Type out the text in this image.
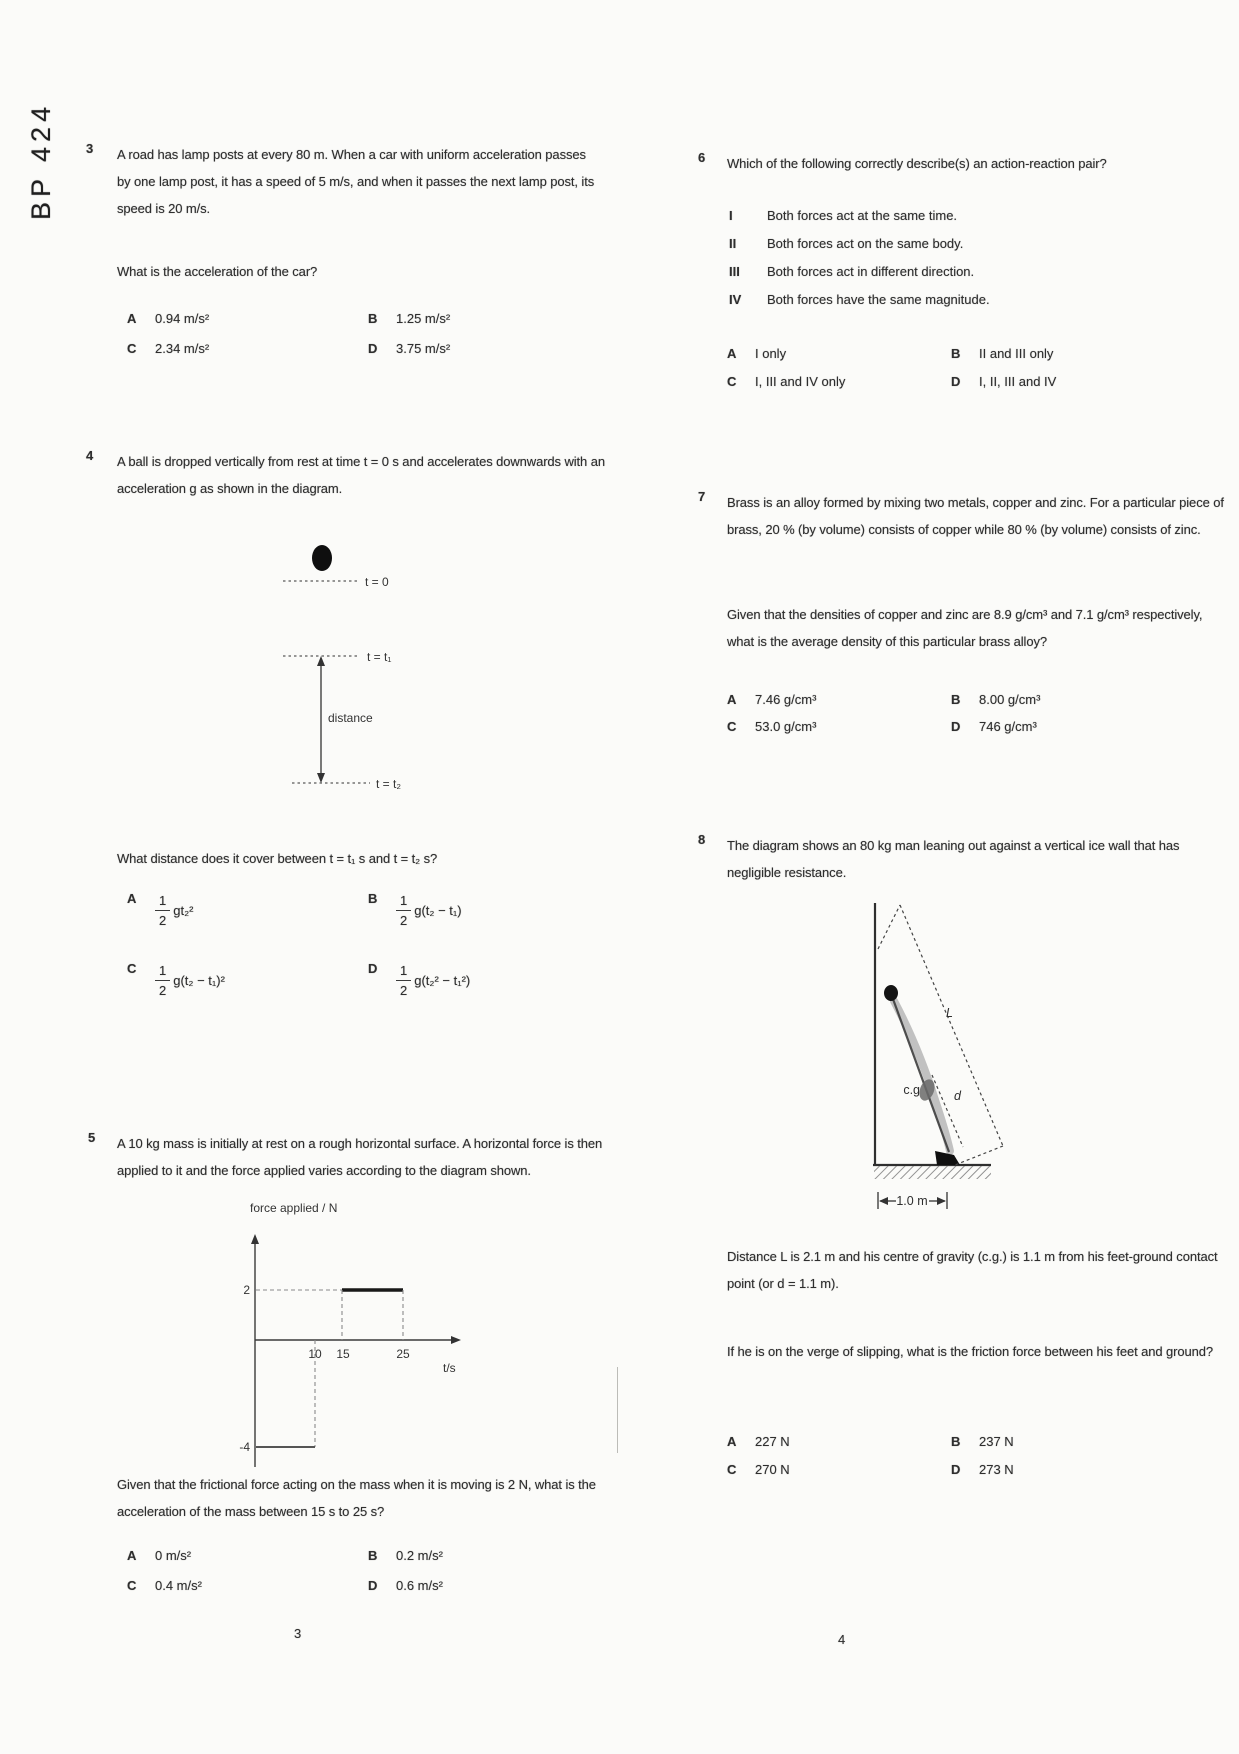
BP 424 3 A road has lamp posts at every 80 m. When a car with uniform acceleration passes by one lamp post, it has a speed of 5 m/s, and when it passes the next lamp post, its speed is 20 m/s.
What is the acceleration of the car?
A 0.94 m/s²	B 1.25 m/s²
C 2.34 m/s²	D 3.75 m/s²
4 A ball is dropped vertically from rest at time t = 0 s and accelerates downwards with an acceleration g as shown in the diagram.
t = 0
t = t₁
distance
t = t₂
What distance does it cover between t = t₁ s and t = t₂ s?
A $\frac{1}{2} gt_2^2$
B $\frac{1}{2} g(t_2 - t_1)$
C $\frac{1}{2} g(t_2 - t_1)^2$
D $\frac{1}{2} g(t_2^2 - t_1^2)$
5 A 10 kg mass is initially at rest on a rough horizontal surface. A horizontal force is then applied to it and the force applied varies according to the diagram shown.
force applied / N
2
10 15	25
t/s
-4
Given that the frictional force acting on the mass when it is moving is 2 N, what is the acceleration of the mass between 15 s to 25 s?
A 0 m/s²	B 0.2 m/s²
C 0.4 m/s²	D 0.6 m/s²
6 Which of the following correctly describe(s) an action-reaction pair?
I	Both forces act at the same time.
II Both forces act on the same body.
III Both forces act in different direction.
IV Both forces have the same magnitude.
A I only	B II and III only
C I, III and IV only	D I, II, III and IV
7 Brass is an alloy formed by mixing two metals, copper and zinc. For a particular piece of brass, 20 % (by volume) consists of copper while 80 % (by volume) consists of zinc.
Given that the densities of copper and zinc are 8.9 g/cm³ and 7.1 g/cm³ respectively, what is the average density of this particular brass alloy?
A 7.46 g/cm³	B 8.00 g/cm³
C 53.0 g/cm³	D 746 g/cm³
8 The diagram shows an 80 kg man leaning out against a vertical ice wall that has negligible resistance.
L
d
c.g
1.0 m
Distance L is 2.1 m and his centre of gravity (c.g.) is 1.1 m from his feet-ground contact point (or d = 1.1 m).
If he is on the verge of slipping, what is the friction force between his feet and ground?
A 227 N	B 237 N
C 270 N	D 273 N
3	4
